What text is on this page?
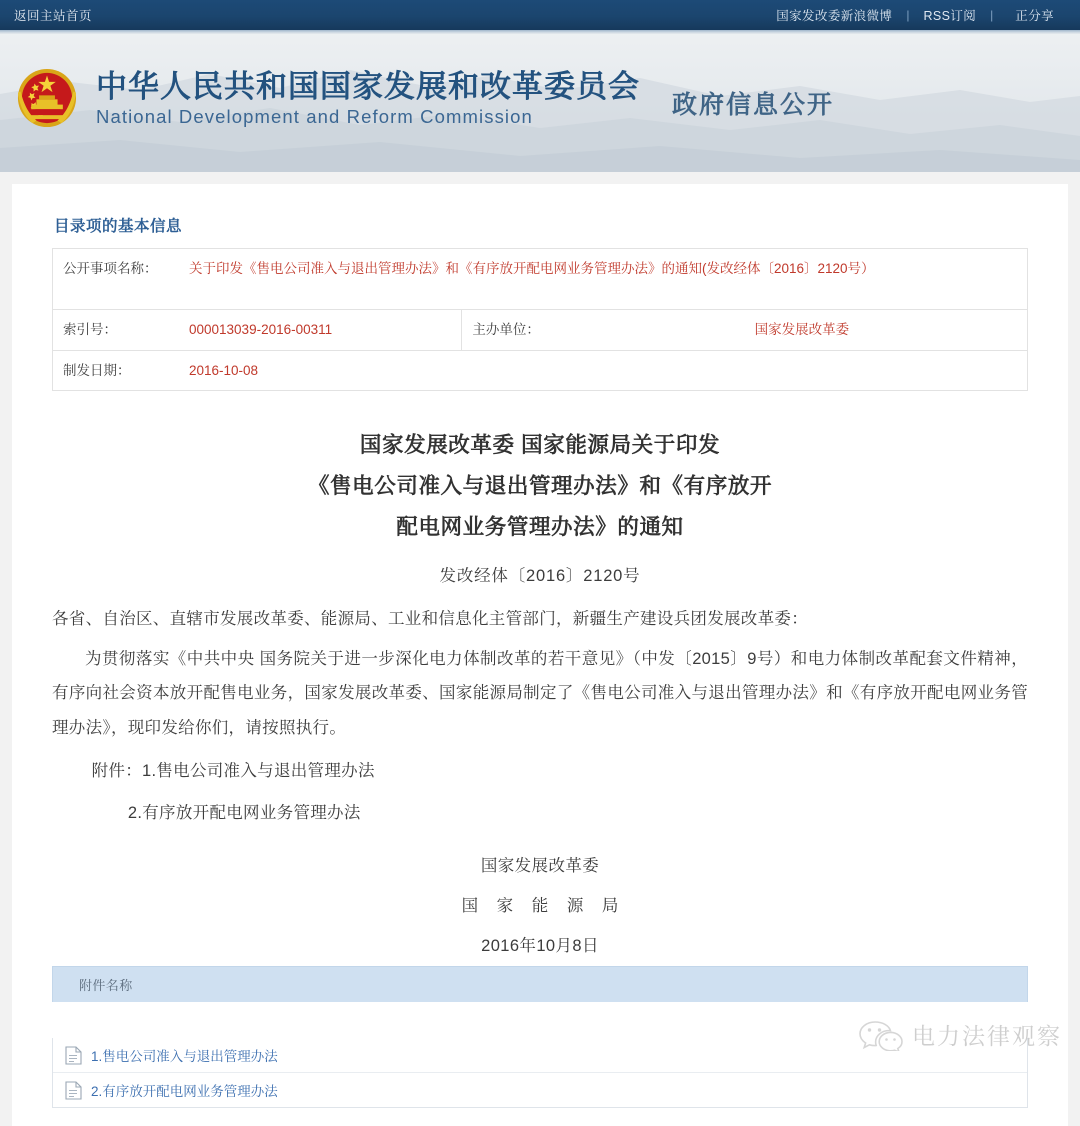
返回主站首页	国家发改委新浪微博	|	RSS订阅	|	正分享
中华人民共和国国家发展和改革委员会
National Development and Reform Commission	政府信息公开
目录项的基本信息
公开事项名称：	关于印发《售电公司准入与退出管理办法》和《有序放开配电网业务管理办法》的通知(发改经体〔2016〕2120号）		
索引号：	000013039-2016-00311	主办单位：	国家发展改革委
制发日期：	2016-10-08		
国家发展改革委 国家能源局关于印发
《售电公司准入与退出管理办法》和《有序放开
配电网业务管理办法》的通知
发改经体〔2016〕2120号
各省、自治区、直辖市发展改革委、能源局、工业和信息化主管部门，新疆生产建设兵团发展改革委：
为贯彻落实《中共中央 国务院关于进一步深化电力体制改革的若干意见》（中发〔2015〕9号）和电力体制改革配套文件精神，有序向社会资本放开配售电业务，国家发展改革委、国家能源局制定了《售电公司准入与退出管理办法》和《有序放开配电网业务管理办法》，现印发给你们，请按照执行。
附件：1.售电公司准入与退出管理办法
2.有序放开配电网业务管理办法
国家发展改革委
国 家 能 源 局
2016年10月8日
附件名称
1.售电公司准入与退出管理办法
2.有序放开配电网业务管理办法
电力法律观察
